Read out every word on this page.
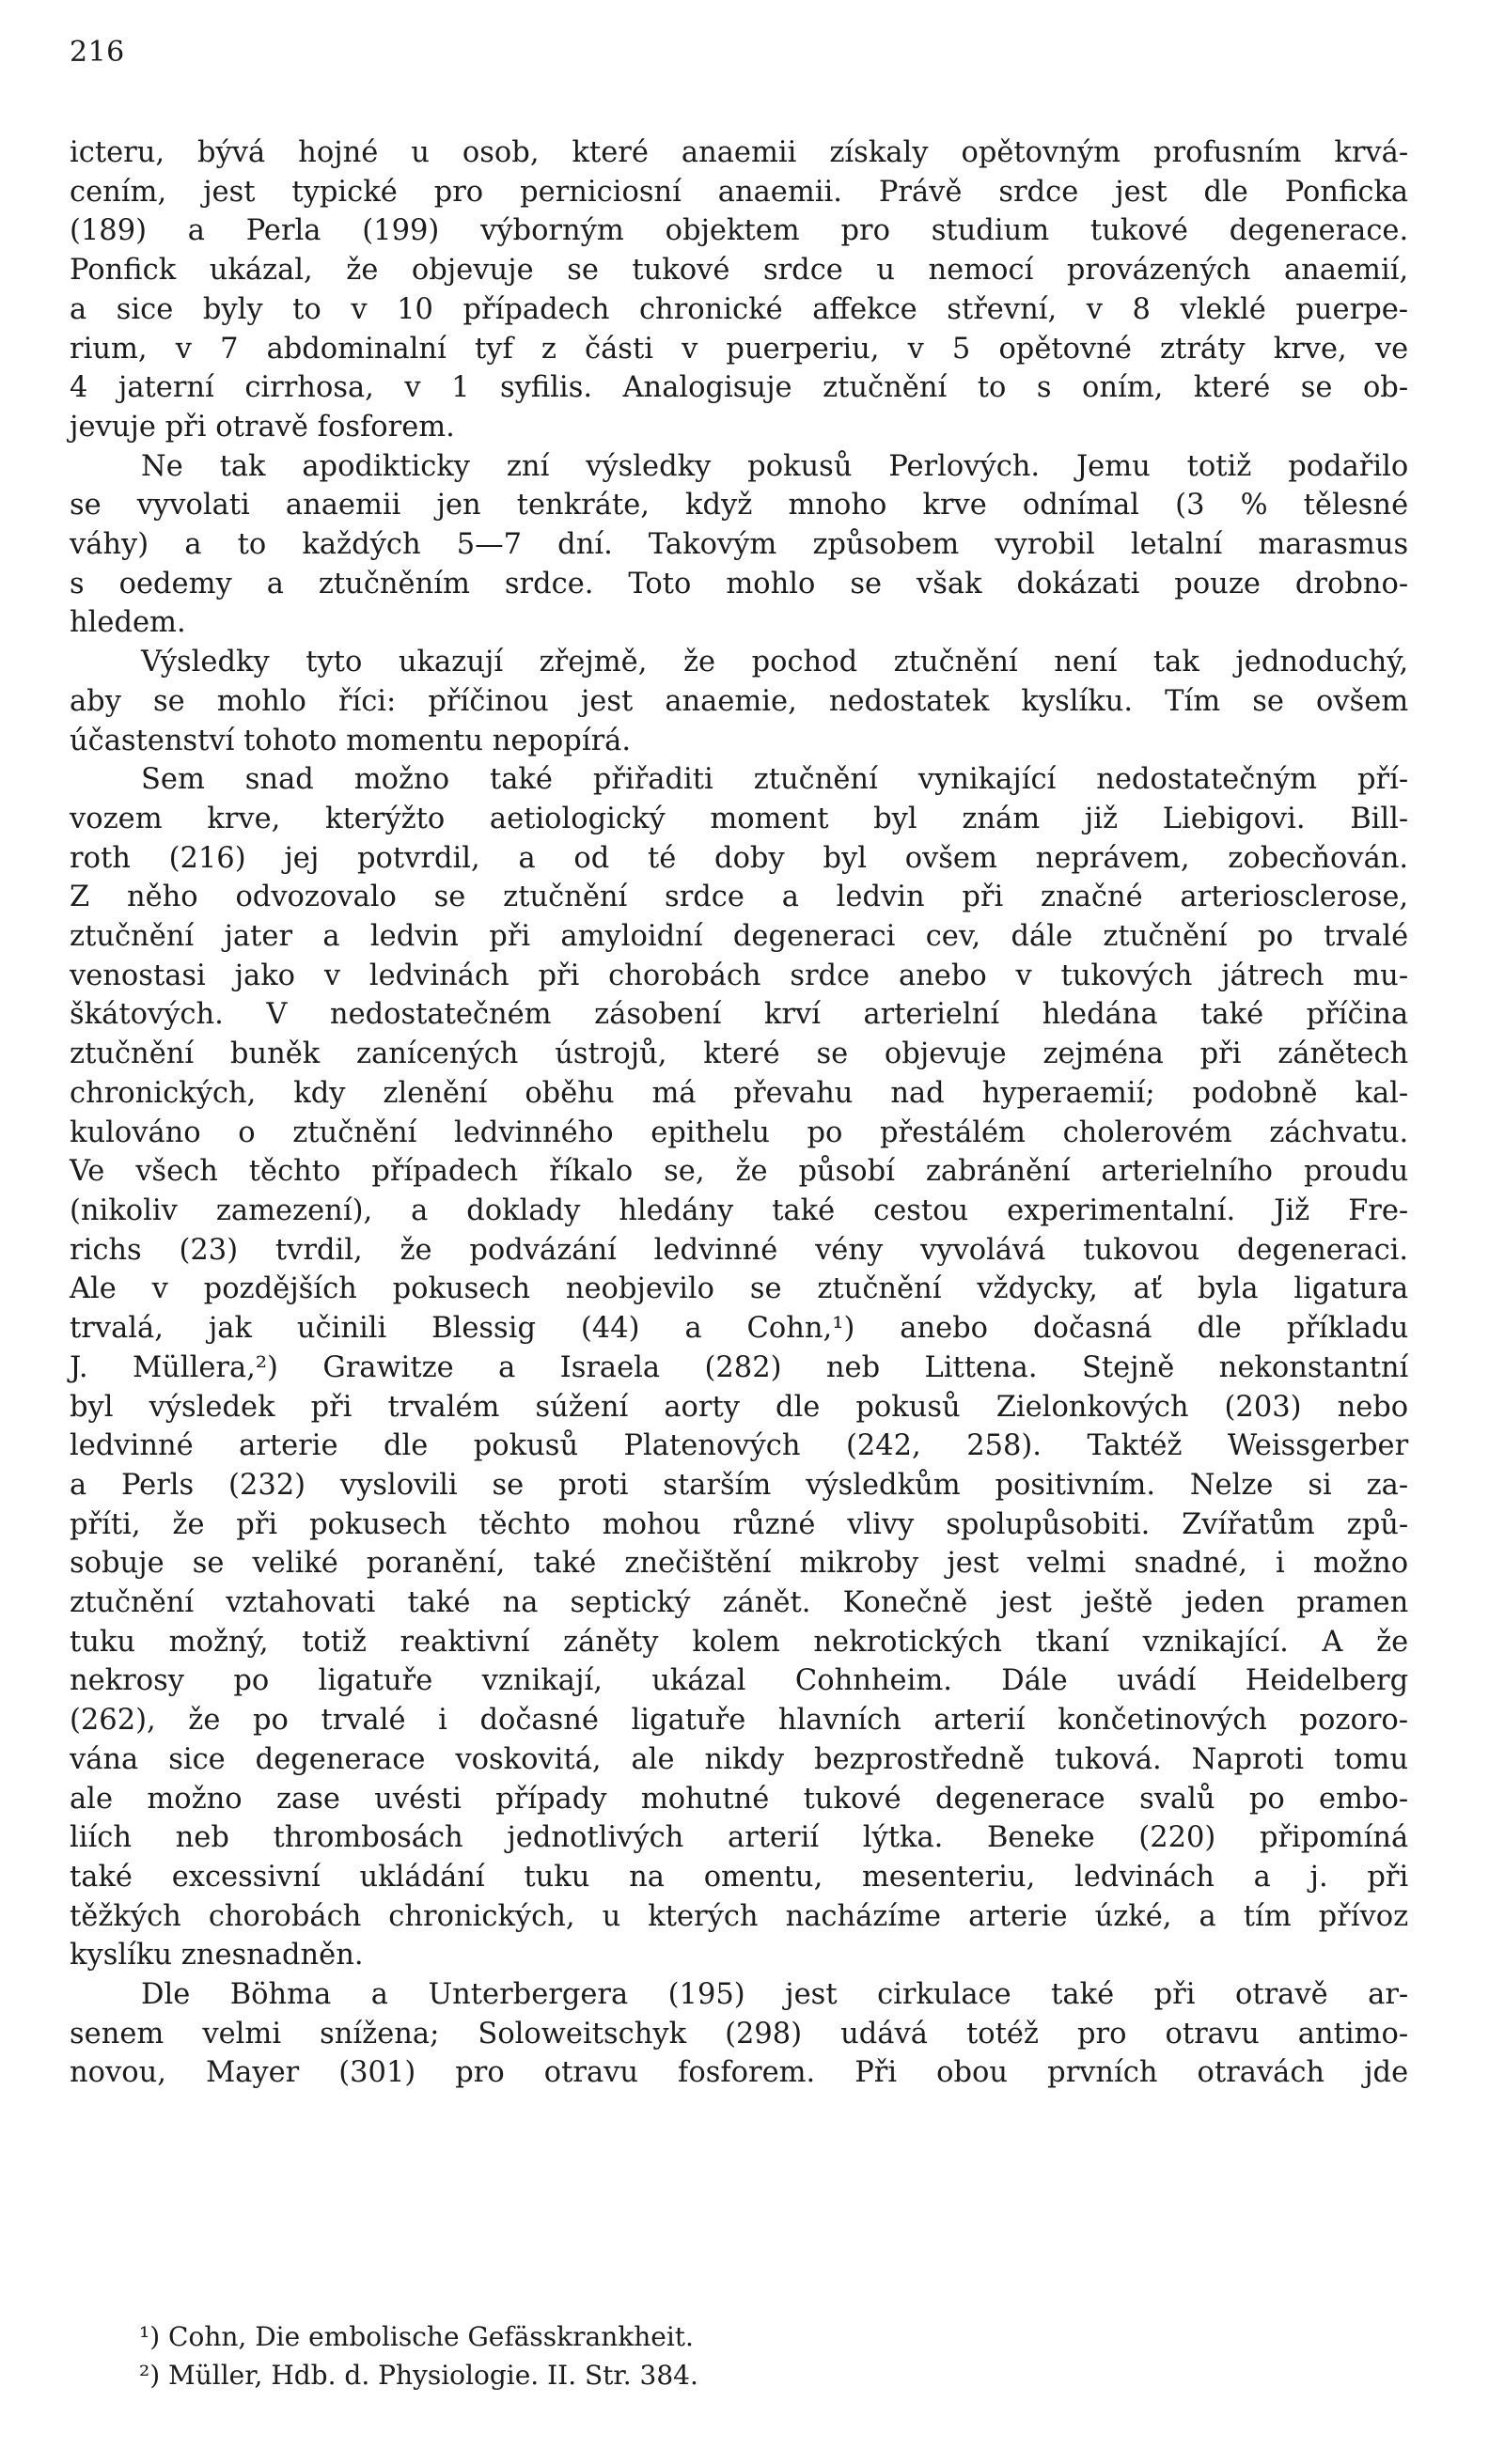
216
icteru, bývá hojné u osob, které anaemii získaly opětovným profusním krvá-
cením, jest typické pro perniciosní anaemii. Právě srdce jest dle Ponficka
(189) a Perla (199) výborným objektem pro studium tukové degenerace.
Ponfick ukázal, že objevuje se tukové srdce u nemocí provázených anaemií,
a sice byly to v 10 případech chronické affekce střevní, v 8 vleklé puerpe-
rium, v 7 abdominalní tyf z části v puerperiu, v 5 opětovné ztráty krve, ve
4 jaterní cirrhosa, v 1 syfilis. Analogisuje ztučnění to s oním, které se ob-
jevuje při otravě fosforem.
Ne tak apodikticky zní výsledky pokusů Perlových. Jemu totiž podařilo
se vyvolati anaemii jen tenkráte, když mnoho krve odnímal (3 % tělesné
váhy) a to každých 5—7 dní. Takovým způsobem vyrobil letalní marasmus
s oedemy a ztučněním srdce. Toto mohlo se však dokázati pouze drobno-
hledem.
Výsledky tyto ukazují zřejmě, že pochod ztučnění není tak jednoduchý,
aby se mohlo říci: příčinou jest anaemie, nedostatek kyslíku. Tím se ovšem
účastenství tohoto momentu nepopírá.
Sem snad možno také přiřaditi ztučnění vynikající nedostatečným pří-
vozem krve, kterýžto aetiologický moment byl znám již Liebigovi. Bill-
roth (216) jej potvrdil, a od té doby byl ovšem neprávem, zobecňován.
Z něho odvozovalo se ztučnění srdce a ledvin při značné arteriosclerose,
ztučnění jater a ledvin při amyloidní degeneraci cev, dále ztučnění po trvalé
venostasi jako v ledvinách při chorobách srdce anebo v tukových játrech mu-
škátových. V nedostatečném zásobení krví arterielní hledána také příčina
ztučnění buněk zanícených ústrojů, které se objevuje zejména při zánětech
chronických, kdy zlenění oběhu má převahu nad hyperaemií; podobně kal-
kulováno o ztučnění ledvinného epithelu po přestálém cholerovém záchvatu.
Ve všech těchto případech říkalo se, že působí zabránění arterielního proudu
(nikoliv zamezení), a doklady hledány také cestou experimentalní. Již Fre-
richs (23) tvrdil, že podvázání ledvinné vény vyvolává tukovou degeneraci.
Ale v pozdějších pokusech neobjevilo se ztučnění vždycky, ať byla ligatura
trvalá, jak učinili Blessig (44) a Cohn,¹) anebo dočasná dle příkladu
J. Müllera,²) Grawitze a Israela (282) neb Littena. Stejně nekonstantní
byl výsledek při trvalém súžení aorty dle pokusů Zielonkových (203) nebo
ledvinné arterie dle pokusů Platenových (242, 258). Taktéž Weissgerber
a Perls (232) vyslovili se proti starším výsledkům positivním. Nelze si za-
příti, že při pokusech těchto mohou různé vlivy spolupůsobiti. Zvířatům způ-
sobuje se veliké poranění, také znečištění mikroby jest velmi snadné, i možno
ztučnění vztahovati také na septický zánět. Konečně jest ještě jeden pramen
tuku možný, totiž reaktivní záněty kolem nekrotických tkaní vznikající. A že
nekrosy po ligatuře vznikají, ukázal Cohnheim. Dále uvádí Heidelberg
(262), že po trvalé i dočasné ligatuře hlavních arterií končetinových pozoro-
vána sice degenerace voskovitá, ale nikdy bezprostředně tuková. Naproti tomu
ale možno zase uvésti případy mohutné tukové degenerace svalů po embo-
liích neb thrombosách jednotlivých arterií lýtka. Beneke (220) připomíná
také excessivní ukládání tuku na omentu, mesenteriu, ledvinách a j. při
těžkých chorobách chronických, u kterých nacházíme arterie úzké, a tím přívoz
kyslíku znesnadněn.
Dle Böhma a Unterbergera (195) jest cirkulace také při otravě ar-
senem velmi snížena; Soloweitschyk (298) udává totéž pro otravu antimo-
novou, Mayer (301) pro otravu fosforem. Při obou prvních otravách jde
¹) Cohn, Die embolische Gefässkrankheit.
²) Müller, Hdb. d. Physiologie. II. Str. 384.
